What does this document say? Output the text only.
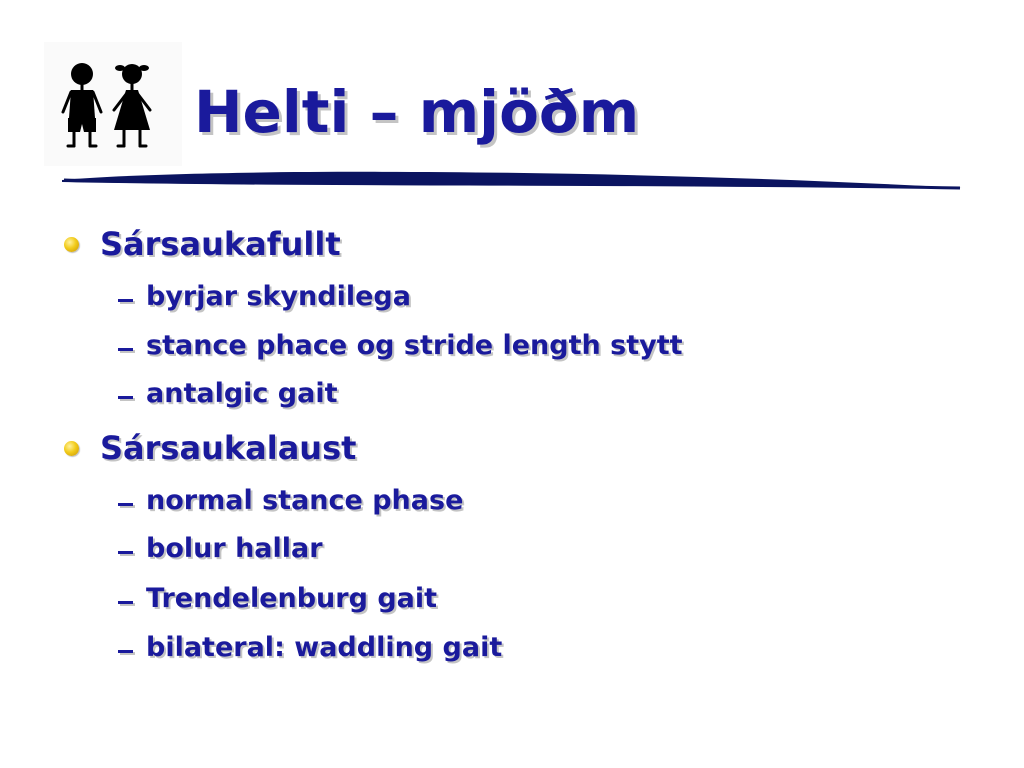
Helti – mjöðm
Sársaukafullt
byrjar skyndilega
stance phace og stride length stytt
antalgic gait
Sársaukalaust
normal stance phase
bolur hallar
Trendelenburg gait
bilateral: waddling gait
